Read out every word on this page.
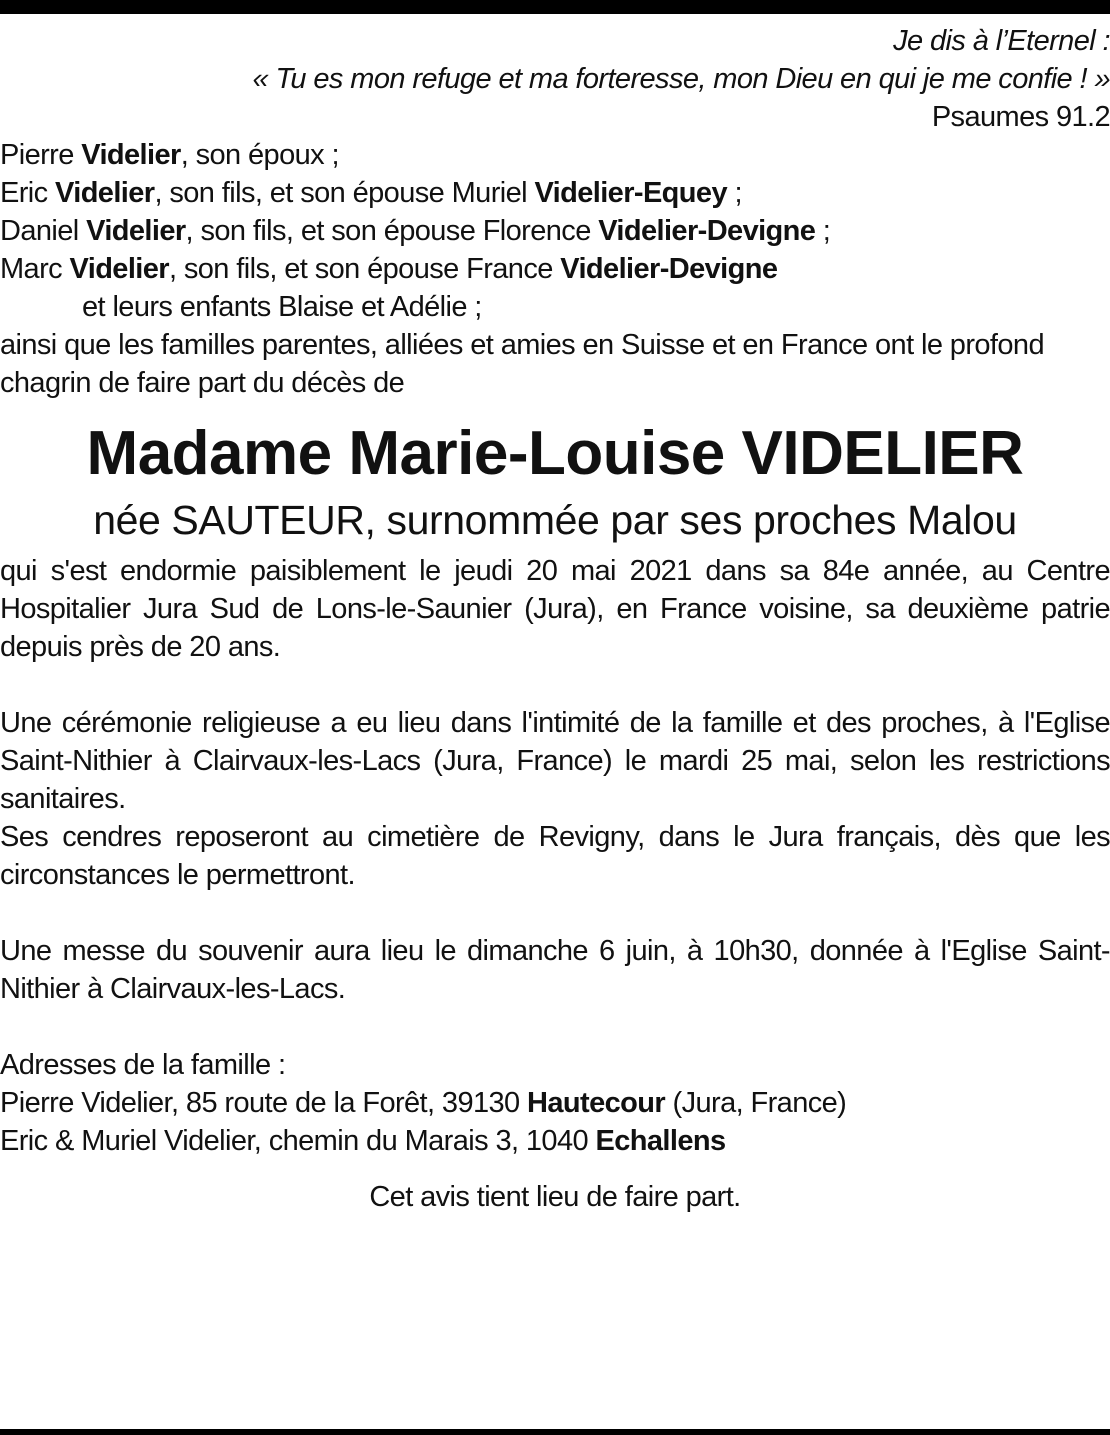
Je dis à l’Eternel :

« Tu es mon refuge et ma forteresse, mon Dieu en qui je me confie ! »

Psaumes 91.2

Pierre Videlier, son époux ;

Eric Videlier, son fils, et son épouse Muriel Videlier-Equey ;

Daniel Videlier, son fils, et son épouse Florence Videlier-Devigne ;

Marc Videlier, son fils, et son épouse France Videlier-Devigne

et leurs enfants Blaise et Adélie ;

ainsi que les familles parentes, alliées et amies en Suisse et en France ont le profond chagrin de faire part du décès de

Madame Marie-Louise VIDELIER

née SAUTEUR, surnommée par ses proches Malou

qui s'est endormie paisiblement le jeudi 20 mai 2021 dans sa 84e année, au Centre Hospitalier Jura Sud de Lons-le-Saunier (Jura), en France voisine, sa deuxième patrie depuis près de 20 ans.

Une cérémonie religieuse a eu lieu dans l'intimité de la famille et des proches, à l'Eglise Saint-Nithier à Clairvaux-les-Lacs (Jura, France) le mardi 25 mai, selon les restrictions sanitaires.

Ses cendres reposeront au cimetière de Revigny, dans le Jura français, dès que les circonstances le permettront.

Une messe du souvenir aura lieu le dimanche 6 juin, à 10h30, donnée à l'Eglise Saint-Nithier à Clairvaux-les-Lacs.

Adresses de la famille :

Pierre Videlier, 85 route de la Forêt, 39130 Hautecour (Jura, France)

Eric & Muriel Videlier, chemin du Marais 3, 1040 Echallens

Cet avis tient lieu de faire part.
